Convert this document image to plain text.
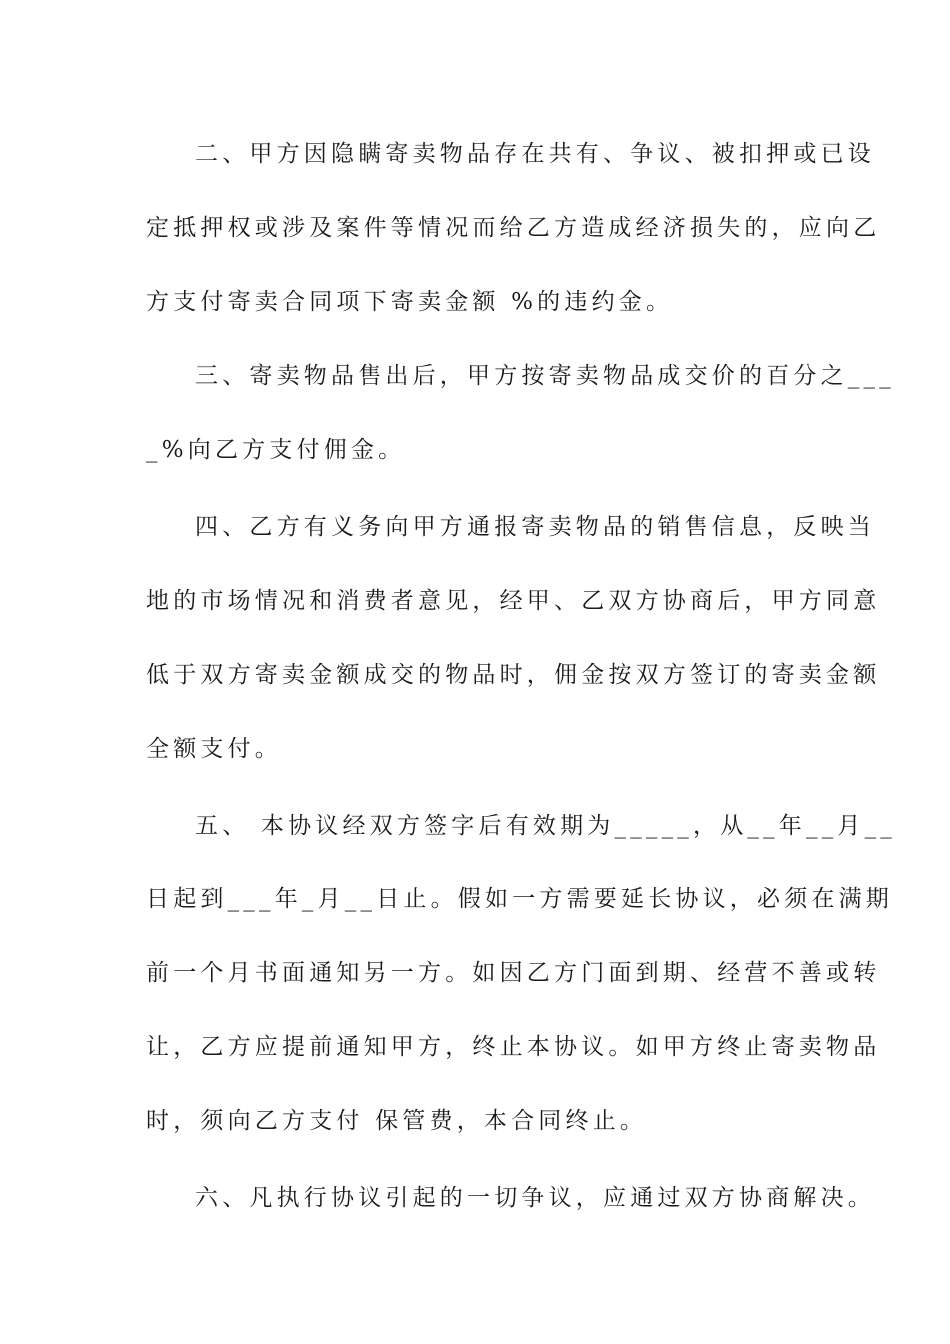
二、甲方因隐瞒寄卖物品存在共有、争议、被扣押或已设
定抵押权或涉及案件等情况而给乙方造成经济损失的，应向乙
方支付寄卖合同项下寄卖金额 %的违约金。
三、寄卖物品售出后，甲方按寄卖物品成交价的百分之___
_%向乙方支付佣金。
四、乙方有义务向甲方通报寄卖物品的销售信息，反映当
地的市场情况和消费者意见，经甲、乙双方协商后，甲方同意
低于双方寄卖金额成交的物品时，佣金按双方签订的寄卖金额
全额支付。
五、 本协议经双方签字后有效期为_____，从__年__月__
日起到___年_月__日止。假如一方需要延长协议，必须在满期
前一个月书面通知另一方。如因乙方门面到期、经营不善或转
让，乙方应提前通知甲方，终止本协议。如甲方终止寄卖物品
时，须向乙方支付 保管费，本合同终止。
六、凡执行协议引起的一切争议，应通过双方协商解决。
